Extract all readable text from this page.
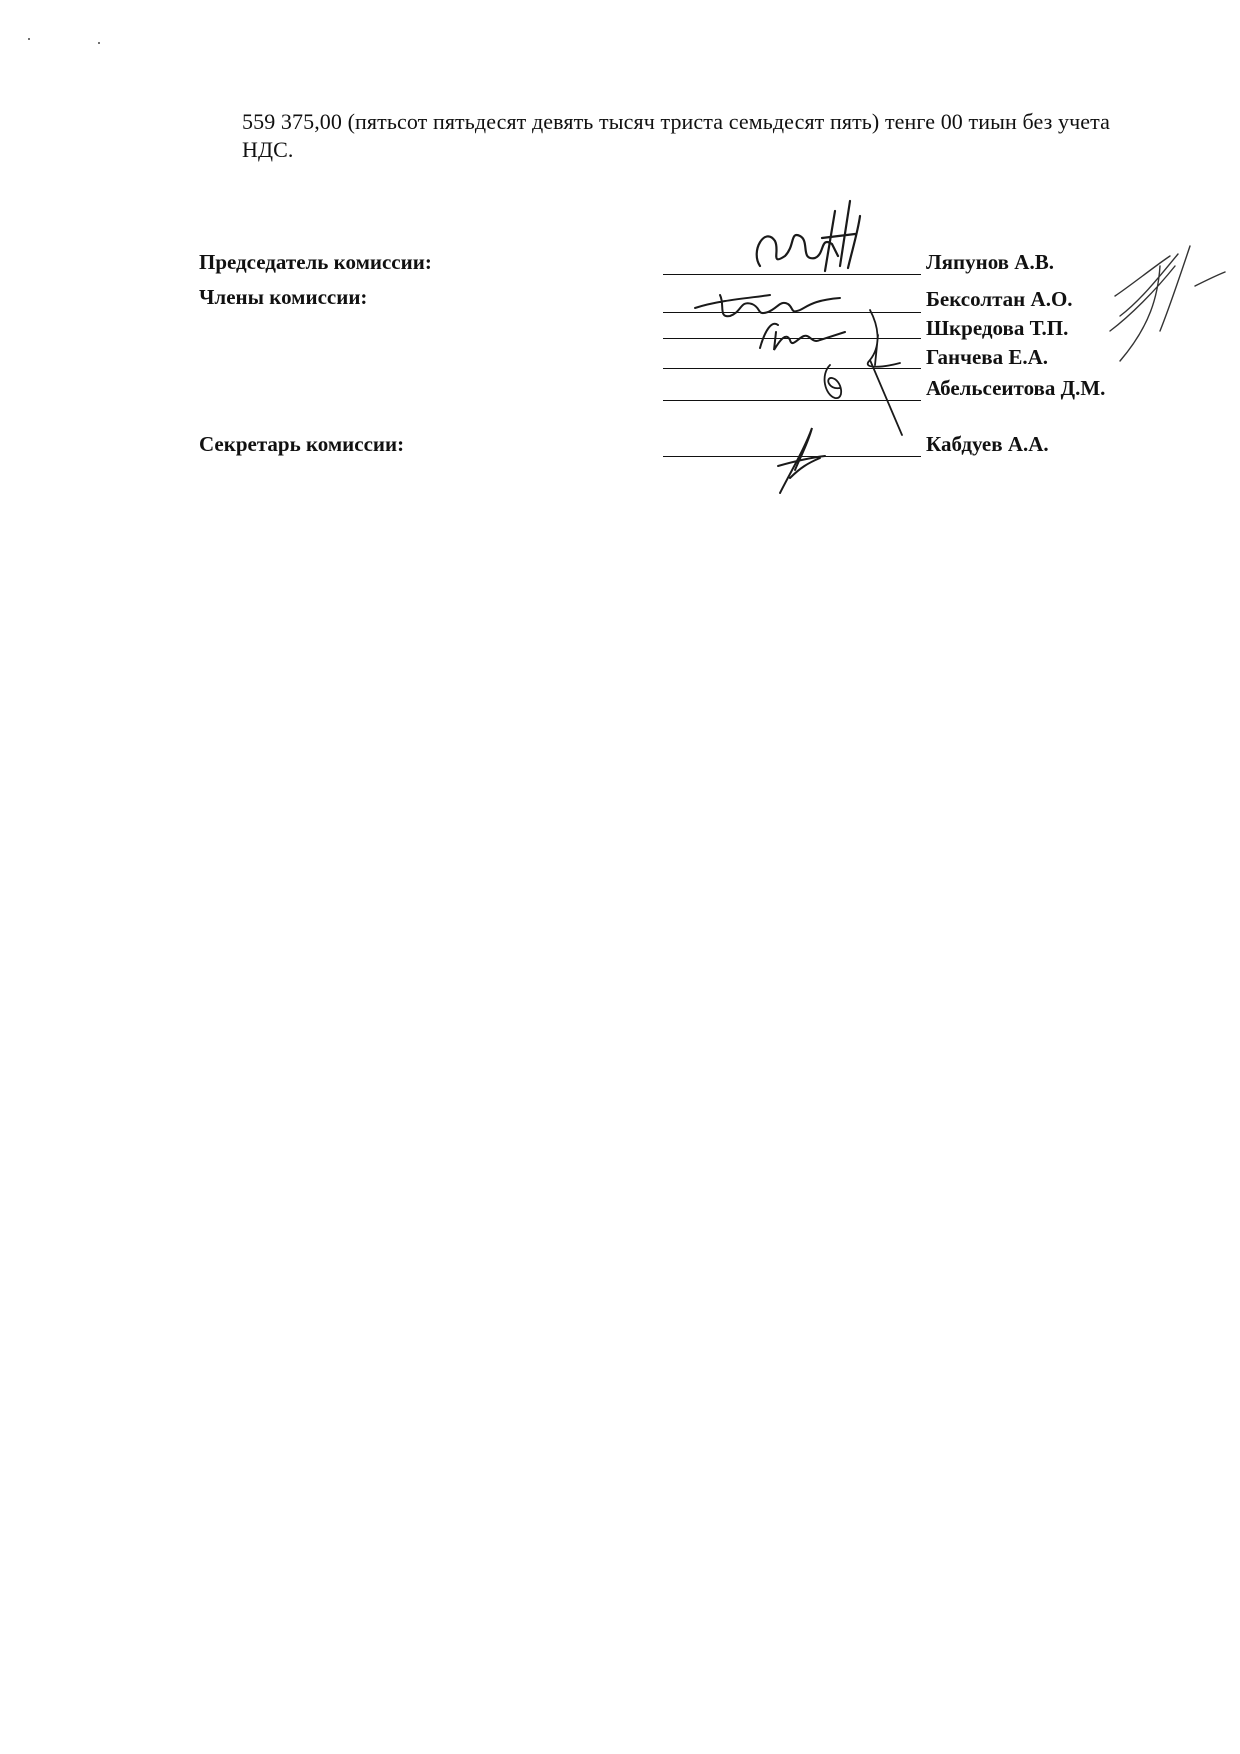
559 375,00 (пятьсот пятьдесят девять тысяч триста семьдесят пять) тенге 00 тиын без учета НДС.
Председатель комиссии:
Члены комиссии:
Секретарь комиссии:
Ляпунов А.В.
Бексолтан А.О.
Шкредова Т.П.
Ганчева Е.А.
Абельсеитова Д.М.
Кабдуев А.А.
